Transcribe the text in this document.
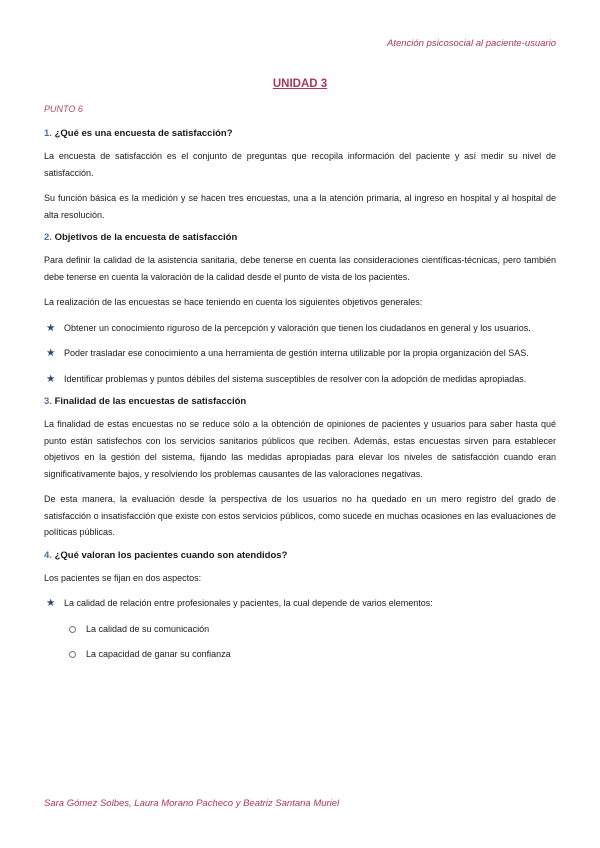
Atención psicosocial al paciente-usuario
UNIDAD 3
PUNTO 6
1. ¿Qué es una encuesta de satisfacción?

La encuesta de satisfacción es el conjunto de preguntas que recopila información del paciente y así medir su nivel de satisfacción.

Su función básica es la medición y se hacen tres encuestas, una a la atención primaria, al ingreso en hospital y al hospital de alta resolución.

2. Objetivos de la encuesta de satisfacción

Para definir la calidad de la asistencia sanitaria, debe tenerse en cuenta las consideraciones científicas-técnicas, pero también debe tenerse en cuenta la valoración de la calidad desde el punto de vista de los pacientes.

La realización de las encuestas se hace teniendo en cuenta los siguientes objetivos generales:

★ Obtener un conocimiento riguroso de la percepción y valoración que tienen los ciudadanos en general y los usuarios.
★ Poder trasladar ese conocimiento a una herramienta de gestión interna utilizable por la propia organización del SAS.
★ Identificar problemas y puntos débiles del sistema susceptibles de resolver con la adopción de medidas apropiadas.
3. Finalidad de las encuestas de satisfacción

La finalidad de estas encuestas no se reduce sólo a la obtención de opiniones de pacientes y usuarios para saber hasta qué punto están satisfechos con los servicios sanitarios públicos que reciben. Además, estas encuestas sirven para establecer objetivos en la gestión del sistema, fijando las medidas apropiadas para elevar los niveles de satisfacción cuando eran significativamente bajos, y resolviendo los problemas causantes de las valoraciones negativas.

De esta manera, la evaluación desde la perspectiva de los usuarios no ha quedado en un mero registro del grado de satisfacción o insatisfacción que existe con estos servicios públicos, como sucede en muchas ocasiones en las evaluaciones de políticas públicas.

4. ¿Qué valoran los pacientes cuando son atendidos?

Los pacientes se fijan en dos aspectos:

★ La calidad de relación entre profesionales y pacientes, la cual depende de varios elementos:
La calidad de su comunicación
La capacidad de ganar su confianza
Sara Gómez Solbes, Laura Morano Pacheco y Beatriz Santana Muriel
